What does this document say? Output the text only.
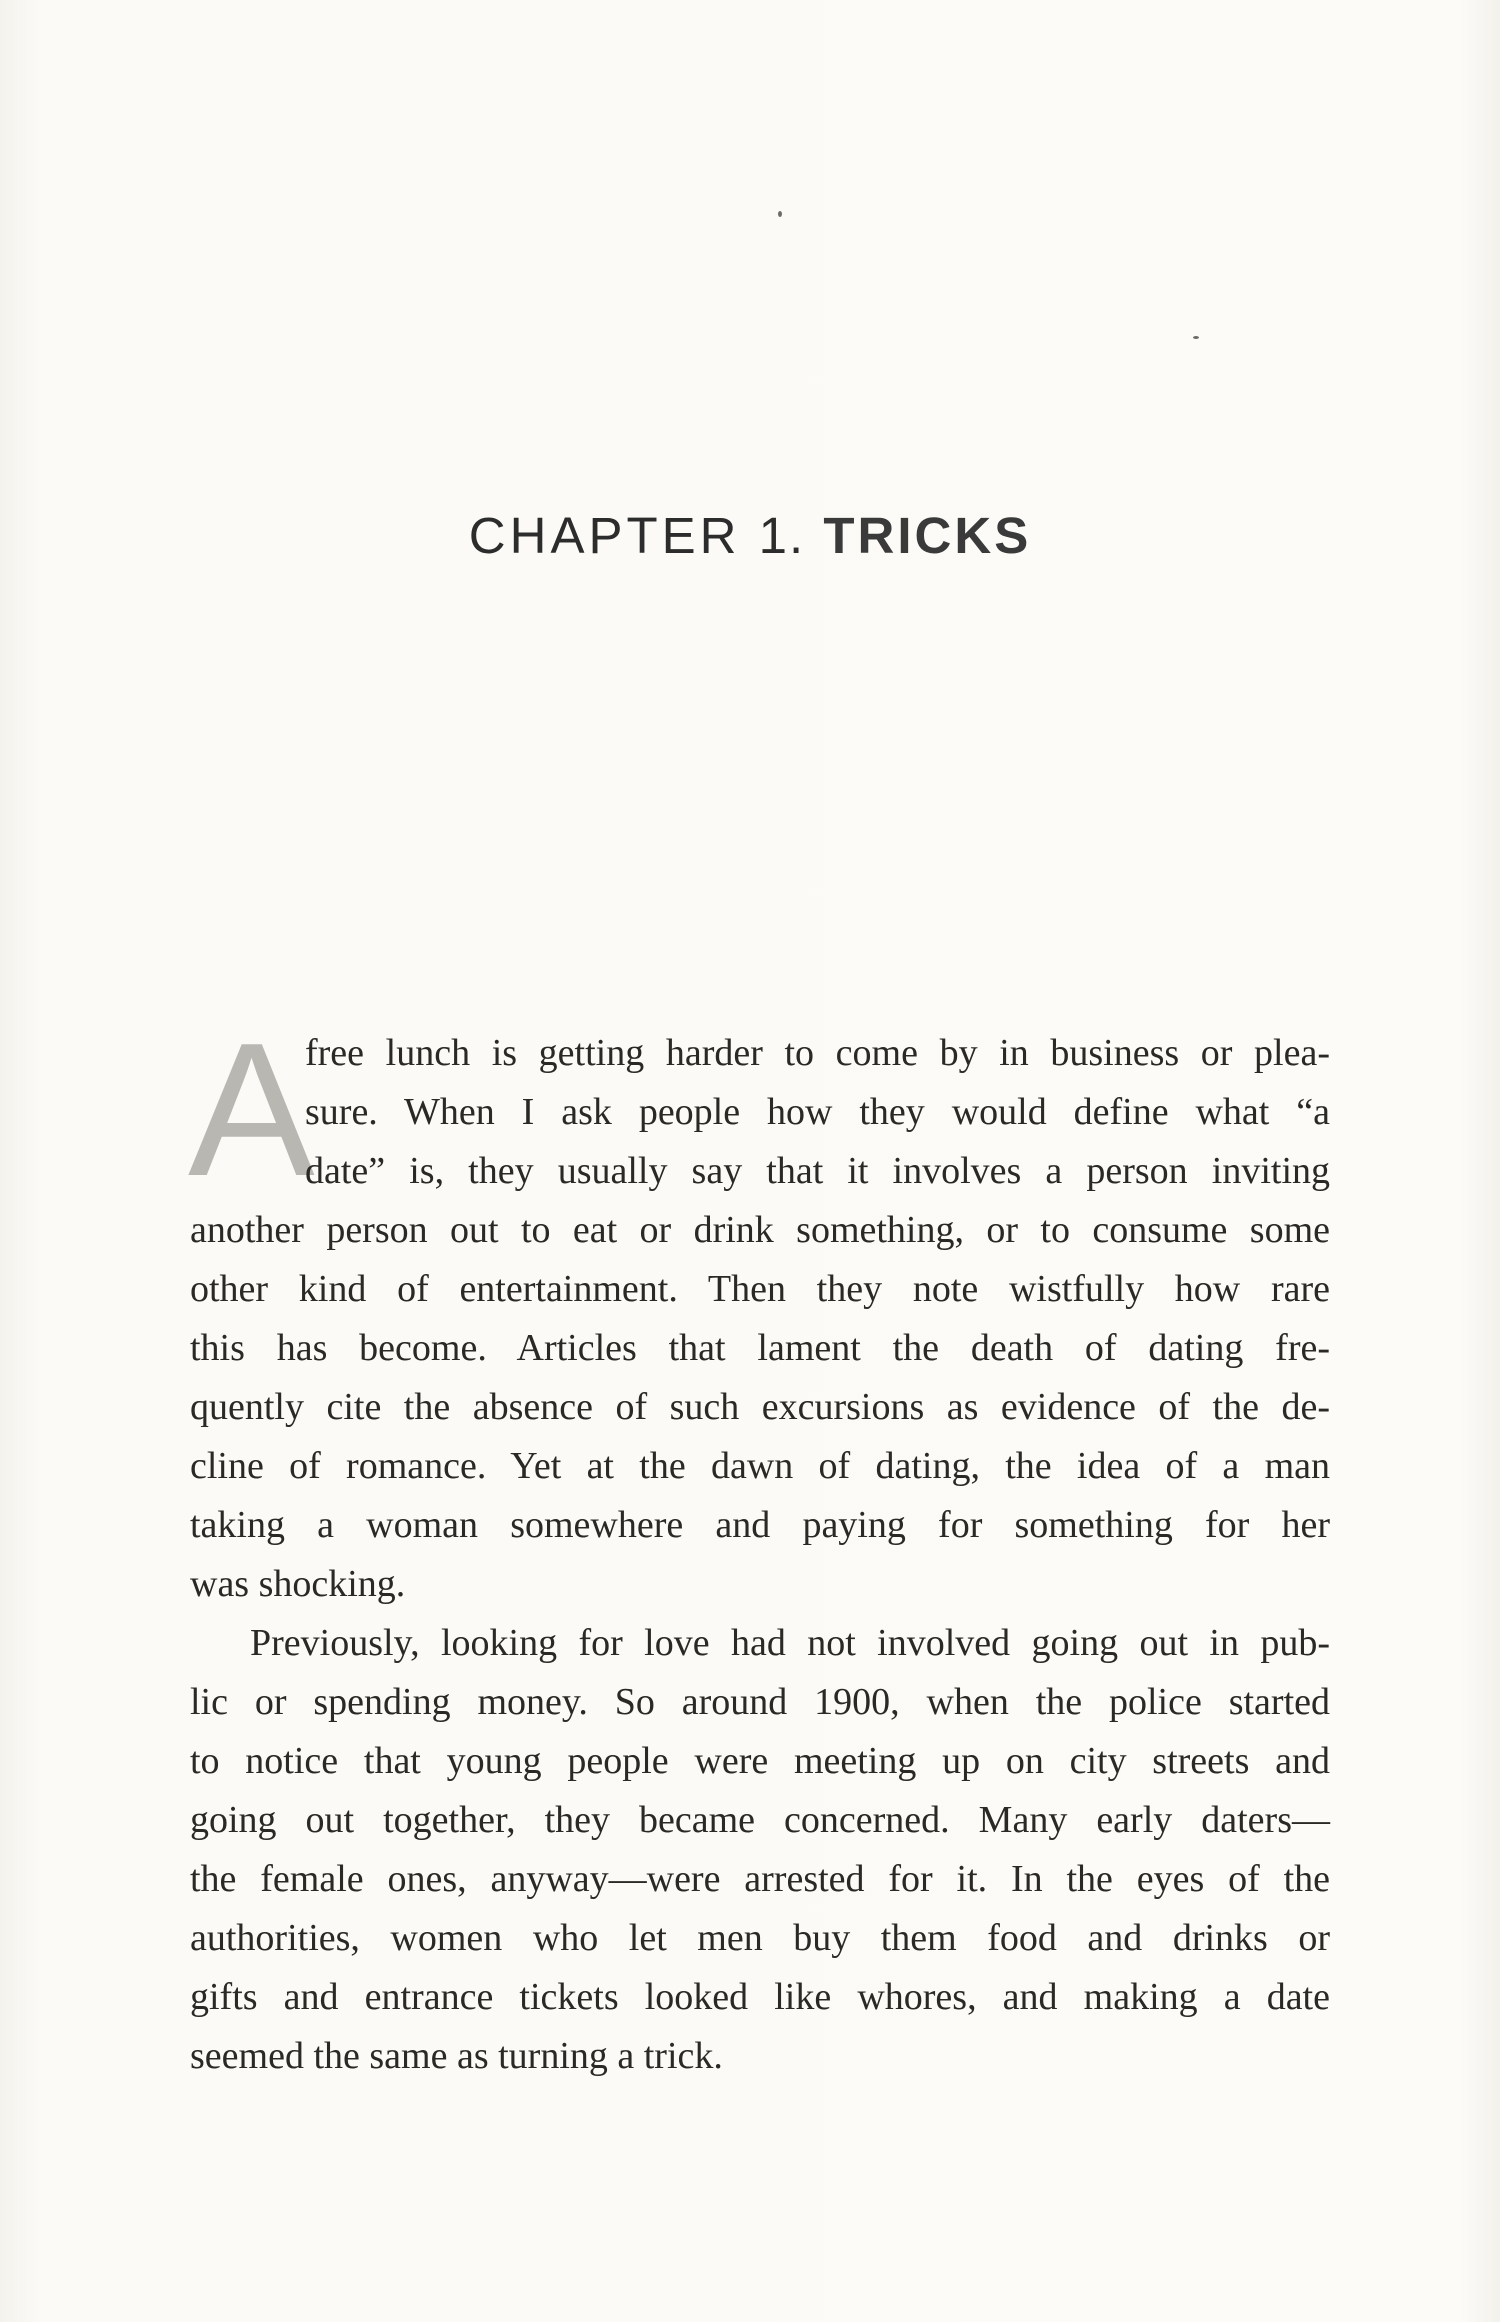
CHAPTER 1. TRICKS
A
free lunch is getting harder to come by in business or plea-
sure. When I ask people how they would define what “a
date” is, they usually say that it involves a person inviting
another person out to eat or drink something, or to consume some
other kind of entertainment. Then they note wistfully how rare
this has become. Articles that lament the death of dating fre-
quently cite the absence of such excursions as evidence of the de-
cline of romance. Yet at the dawn of dating, the idea of a man
taking a woman somewhere and paying for something for her
was shocking.
Previously, looking for love had not involved going out in pub-
lic or spending money. So around 1900, when the police started
to notice that young people were meeting up on city streets and
going out together, they became concerned. Many early daters—
the female ones, anyway—were arrested for it. In the eyes of the
authorities, women who let men buy them food and drinks or
gifts and entrance tickets looked like whores, and making a date
seemed the same as turning a trick.
